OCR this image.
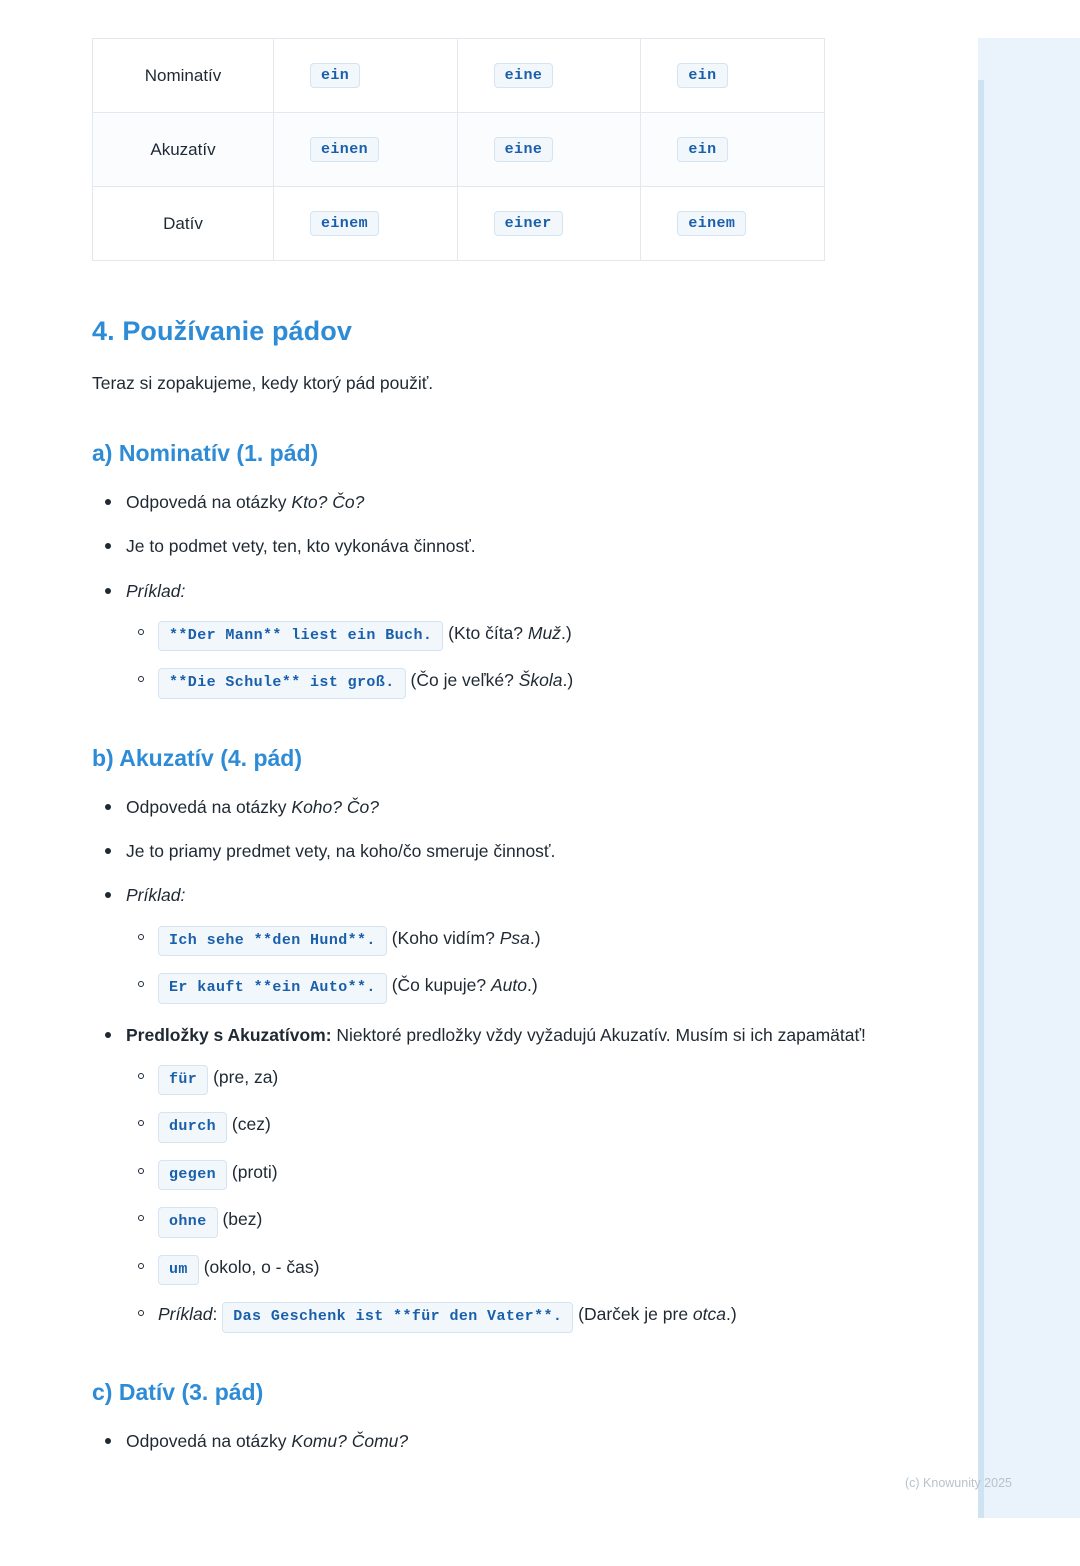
Nominatív	ein	eine	ein
Akuzatív	einen	eine	ein
Datív	einem	einer	einem
4. Používanie pádov

Teraz si zopakujeme, kedy ktorý pád použiť.

a) Nominatív (1. pád)
Odpovedá na otázky Kto? Čo?
Je to podmet vety, ten, kto vykonáva činnosť.
Príklad:
**Der Mann** liest ein Buch. (Kto číta? Muž.)
**Die Schule** ist groß. (Čo je veľké? Škola.)
b) Akuzatív (4. pád)
Odpovedá na otázky Koho? Čo?
Je to priamy predmet vety, na koho/čo smeruje činnosť.
Príklad:
Ich sehe **den Hund**. (Koho vidím? Psa.)
Er kauft **ein Auto**. (Čo kupuje? Auto.)
Predložky s Akuzatívom: Niektoré predložky vždy vyžadujú Akuzatív. Musím si ich zapamätať!
für (pre, za)
durch (cez)
gegen (proti)
ohne (bez)
um (okolo, o - čas)
Príklad: Das Geschenk ist **für den Vater**. (Darček je pre otca.)
c) Datív (3. pád)
Odpovedá na otázky Komu? Čomu?
(c) Knowunity 2025
